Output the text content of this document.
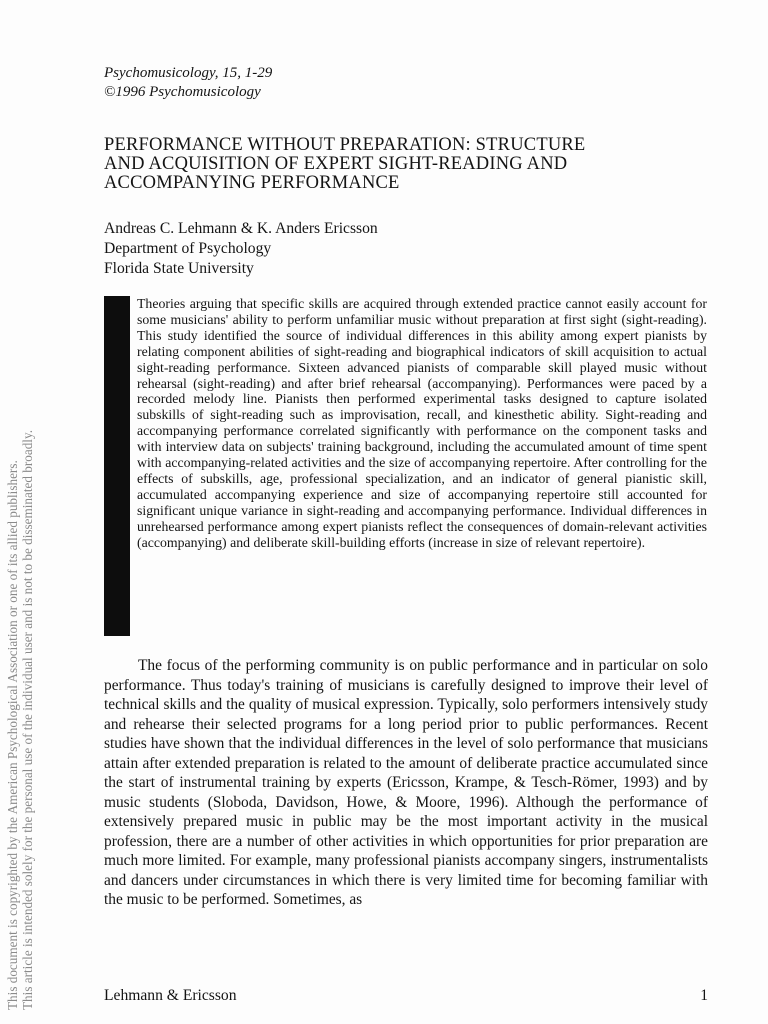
This document is copyrighted by the American Psychological Association or one of its allied publishers. This article is intended solely for the personal use of the individual user and is not to be disseminated broadly.
Psychomusicology, 15, 1-29
©1996 Psychomusicology
PERFORMANCE WITHOUT PREPARATION: STRUCTURE
AND ACQUISITION OF EXPERT SIGHT-READING AND
ACCOMPANYING PERFORMANCE
Andreas C. Lehmann & K. Anders Ericsson
Department of Psychology
Florida State University
Theories arguing that specific skills are acquired through extended practice cannot easily account for some musicians' ability to perform unfamiliar music without preparation at first sight (sight-reading). This study identified the source of individual differences in this ability among expert pianists by relating component abilities of sight-reading and biographical indicators of skill acquisition to actual sight-reading performance. Sixteen advanced pianists of comparable skill played music without rehearsal (sight-reading) and after brief rehearsal (accompanying). Performances were paced by a recorded melody line. Pianists then performed experimental tasks designed to capture isolated subskills of sight-reading such as improvisation, recall, and kinesthetic ability. Sight-reading and accompanying performance correlated significantly with performance on the component tasks and with interview data on subjects' training background, including the accumulated amount of time spent with accompanying-related activities and the size of accompanying repertoire. After controlling for the effects of subskills, age, professional specialization, and an indicator of general pianistic skill, accumulated accompanying experience and size of accompanying repertoire still accounted for significant unique variance in sight-reading and accompanying performance. Individual differences in unrehearsed performance among expert pianists reflect the consequences of domain-relevant activities (accompanying) and deliberate skill-building efforts (increase in size of relevant repertoire).

The focus of the performing community is on public performance and in particular on solo performance. Thus today's training of musicians is carefully designed to improve their level of technical skills and the quality of musical expression. Typically, solo performers intensively study and rehearse their selected programs for a long period prior to public performances. Recent studies have shown that the individual differences in the level of solo performance that musicians attain after extended preparation is related to the amount of deliberate practice accumulated since the start of instrumental training by experts (Ericsson, Krampe, & Tesch-Römer, 1993) and by music students (Sloboda, Davidson, Howe, & Moore, 1996). Although the performance of extensively prepared music in public may be the most important activity in the musical profession, there are a number of other activities in which opportunities for prior preparation are much more limited. For example, many professional pianists accompany singers, instrumentalists and dancers under circumstances in which there is very limited time for becoming familiar with the music to be performed. Sometimes, as

Lehmann & Ericsson	1
